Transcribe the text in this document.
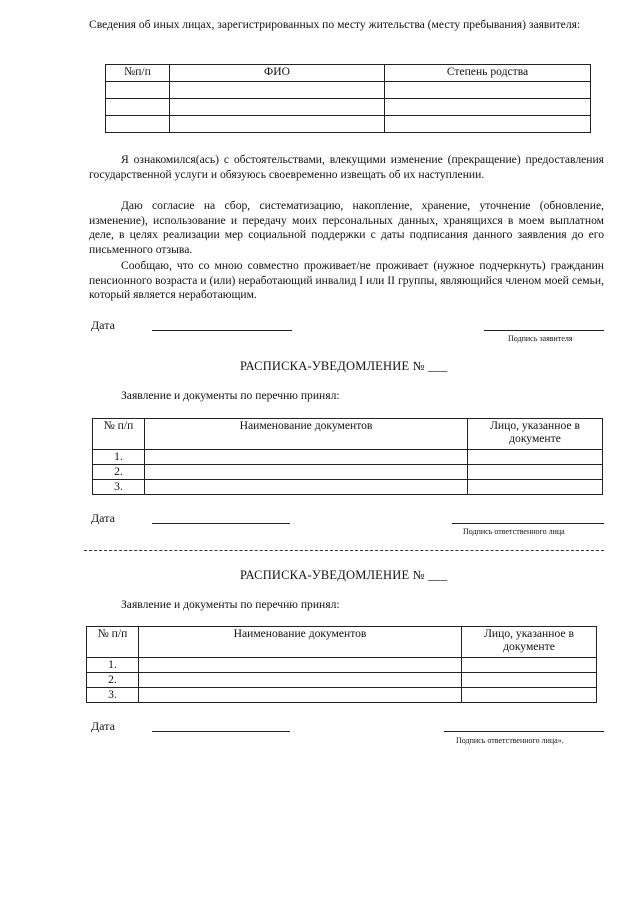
Сведения об иных лицах, зарегистрированных по месту жительства (месту пребывания) заявителя:

№п/п	ФИО	Степень родства

Я ознакомился(ась) с обстоятельствами, влекущими изменение (прекращение) предоставления государственной услуги и обязуюсь своевременно извещать об их наступлении.

Даю согласие на сбор, систематизацию, накопление, хранение, уточнение (обновление, изменение), использование и передачу моих персональных данных, хранящихся в моем выплатном деле, в целях реализации мер социальной поддержки с даты подписания данного заявления до его письменного отзыва.

Сообщаю, что со мною совместно проживает/не проживает (нужное подчеркнуть) гражданин пенсионного возраста и (или) неработающий инвалид I или II группы, являющийся членом моей семьи, который является неработающим.

Дата
Подпись заявителя
РАСПИСКА-УВЕДОМЛЕНИЕ № ___
Заявление и документы по перечню принял:
№ п/п	Наименование документов	Лицо, указанное в документе
1.		
2.		
3.		
Дата
Подпись ответственного лица
РАСПИСКА-УВЕДОМЛЕНИЕ № ___
Заявление и документы по перечню принял:
№ п/п	Наименование документов	Лицо, указанное в документе
1.		
2.		
3.		
Дата
Подпись ответственного лица».
